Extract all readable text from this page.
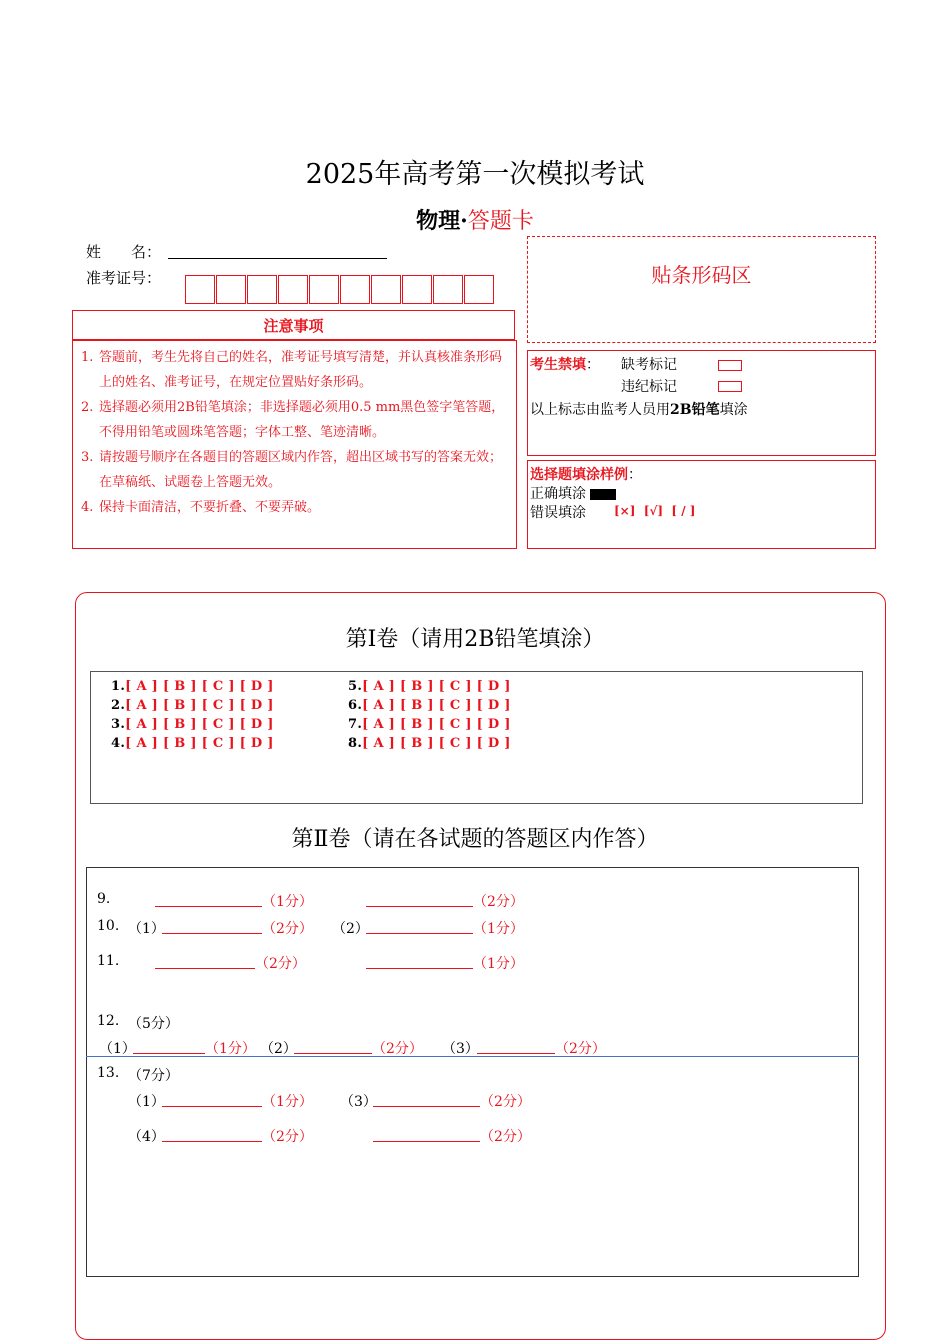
2025年高考第一次模拟考试
物理·答题卡
姓　　名：
准考证号：
注意事项
1. 答题前，考生先将自己的姓名，准考证号填写清楚，并认真核准条形码上的姓名、准考证号，在规定位置贴好条形码。
2. 选择题必须用2B铅笔填涂；非选择题必须用0.5 mm黑色签字笔答题，不得用铅笔或圆珠笔答题；字体工整、笔迹清晰。
3. 请按题号顺序在各题目的答题区域内作答，超出区域书写的答案无效；在草稿纸、试题卷上答题无效。
4. 保持卡面清洁，不要折叠、不要弄破。
贴条形码区
考生禁填： 缺考标记
违纪标记
以上标志由监考人员用2B铅笔填涂
选择题填涂样例：
正确填涂
错误填涂 [×]  [√]  [ / ]
第Ⅰ卷（请用2B铅笔填涂）
1.[ A ] [ B ] [ C ] [ D ]
2.[ A ] [ B ] [ C ] [ D ]
3.[ A ] [ B ] [ C ] [ D ]
4.[ A ] [ B ] [ C ] [ D ]
5.[ A ] [ B ] [ C ] [ D ]
6.[ A ] [ B ] [ C ] [ D ]
7.[ A ] [ B ] [ C ] [ D ]
8.[ A ] [ B ] [ C ] [ D ]
第Ⅱ卷（请在各试题的答题区内作答）
9.	（1分）	（2分）
10. （1）	（2分） （2）	（1分）
11.	（2分）	（1分）
12. （5分）
（1）	（1分） （2）	（2分） （3）	（2分）
13. （7分）
（1）	（1分） （3）	（2分）
（4）	（2分）	（2分）
